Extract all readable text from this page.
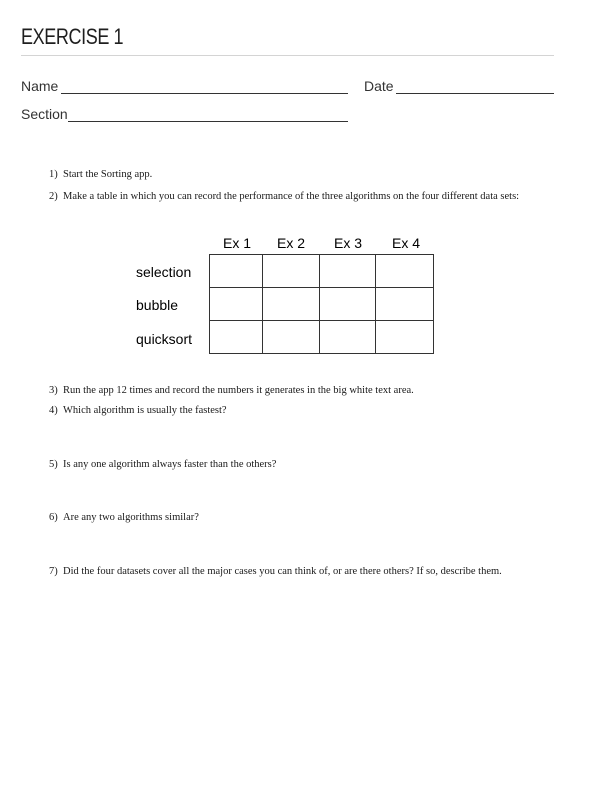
EXERCISE 1
Name	Date
Section
1) Start the Sorting app.
2) Make a table in which you can record the performance of the three algorithms on the four different data sets:
Ex 1	Ex 2	Ex 3	Ex 4
selection
bubble
quicksort
3) Run the app 12 times and record the numbers it generates in the big white text area.
4) Which algorithm is usually the fastest?
5) Is any one algorithm always faster than the others?
6) Are any two algorithms similar?
7) Did the four datasets cover all the major cases you can think of, or are there others? If so, describe them.
